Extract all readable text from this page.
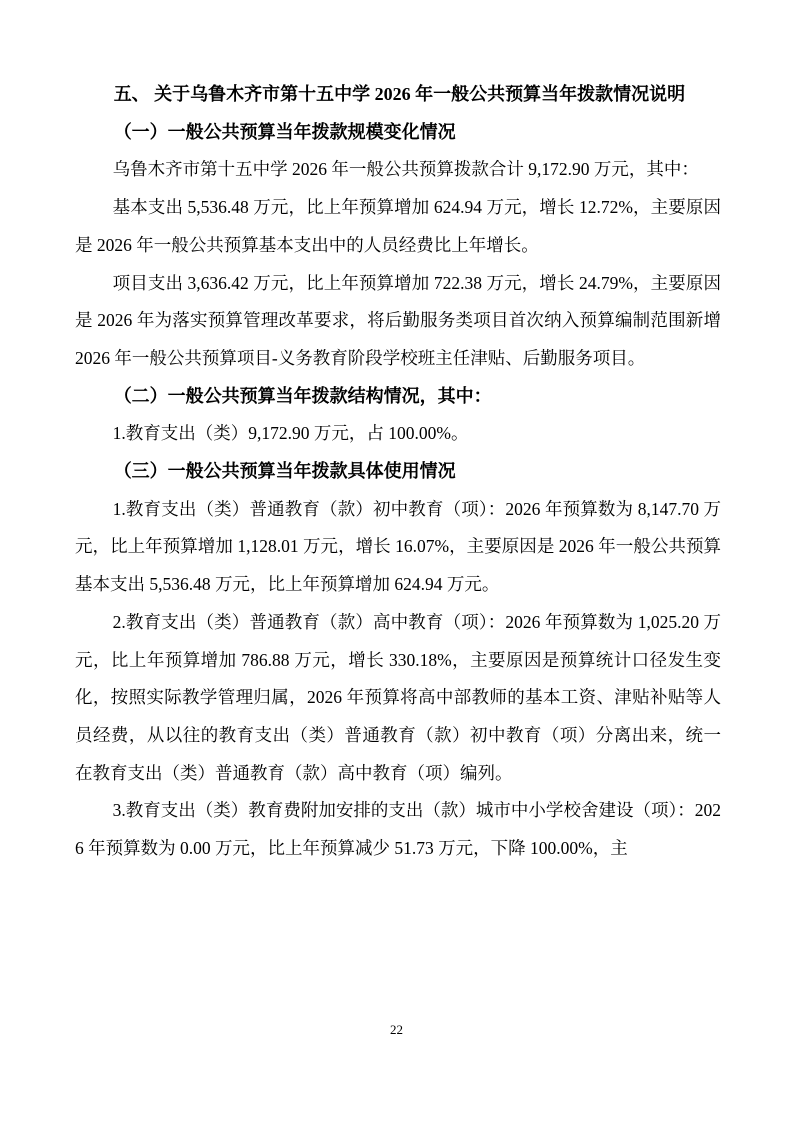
五、 关于乌鲁木齐市第十五中学 2026 年一般公共预算当年拨款情况说明

（一）一般公共预算当年拨款规模变化情况

乌鲁木齐市第十五中学 2026 年一般公共预算拨款合计 9,172.90 万元，其中：

基本支出 5,536.48 万元，比上年预算增加 624.94 万元，增长 12.72%，主要原因是 2026 年一般公共预算基本支出中的人员经费比上年增长。

项目支出 3,636.42 万元，比上年预算增加 722.38 万元，增长 24.79%，主要原因是 2026 年为落实预算管理改革要求，将后勤服务类项目首次纳入预算编制范围新增 2026 年一般公共预算项目-义务教育阶段学校班主任津贴、后勤服务项目。

（二）一般公共预算当年拨款结构情况，其中：

1.教育支出（类）9,172.90 万元，占 100.00%。

（三）一般公共预算当年拨款具体使用情况

1.教育支出（类）普通教育（款）初中教育（项）：2026 年预算数为 8,147.70 万元，比上年预算增加 1,128.01 万元，增长 16.07%，主要原因是 2026 年一般公共预算基本支出 5,536.48 万元，比上年预算增加 624.94 万元。

2.教育支出（类）普通教育（款）高中教育（项）：2026 年预算数为 1,025.20 万元，比上年预算增加 786.88 万元，增长 330.18%，主要原因是预算统计口径发生变化，按照实际教学管理归属，2026 年预算将高中部教师的基本工资、津贴补贴等人员经费，从以往的教育支出（类）普通教育（款）初中教育（项）分离出来，统一在教育支出（类）普通教育（款）高中教育（项）编列。

3.教育支出（类）教育费附加安排的支出（款）城市中小学校舍建设（项）：2026 年预算数为 0.00 万元，比上年预算减少 51.73 万元，下降 100.00%，主

22
